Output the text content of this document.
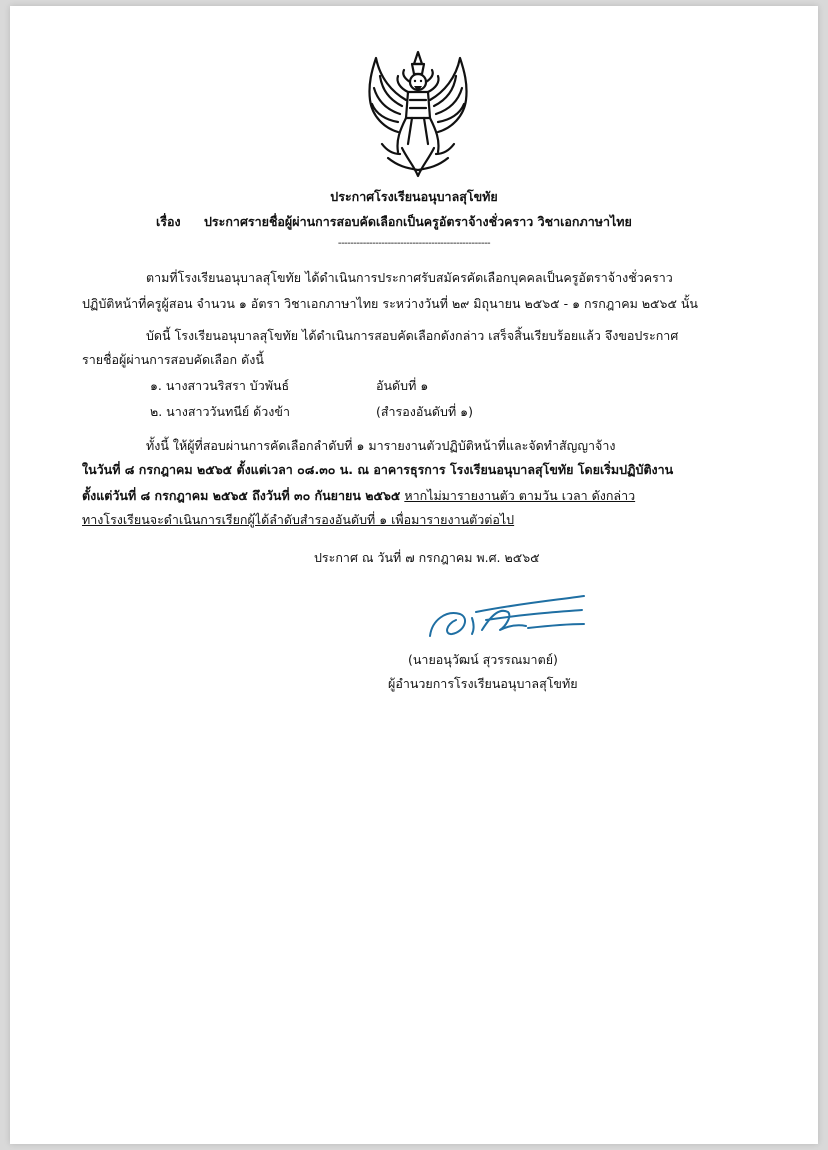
ประกาศโรงเรียนอนุบาลสุโขทัย
เรื่อง ประกาศรายชื่อผู้ผ่านการสอบคัดเลือกเป็นครูอัตราจ้างชั่วคราว วิชาเอกภาษาไทย
-------------------------------------------------
ตามที่โรงเรียนอนุบาลสุโขทัย ได้ดำเนินการประกาศรับสมัครคัดเลือกบุคคลเป็นครูอัตราจ้างชั่วคราว
ปฏิบัติหน้าที่ครูผู้สอน จำนวน ๑ อัตรา วิชาเอกภาษาไทย ระหว่างวันที่ ๒๙ มิถุนายน ๒๕๖๕ - ๑ กรกฎาคม ๒๕๖๕ นั้น
บัดนี้ โรงเรียนอนุบาลสุโขทัย ได้ดำเนินการสอบคัดเลือกดังกล่าว เสร็จสิ้นเรียบร้อยแล้ว จึงขอประกาศ
รายชื่อผู้ผ่านการสอบคัดเลือก ดังนี้
๑. นางสาวนริสรา บัวพันธ์	อันดับที่ ๑
๒. นางสาววันทนีย์ ด้วงข้า	(สำรองอันดับที่ ๑)
ทั้งนี้ ให้ผู้ที่สอบผ่านการคัดเลือกลำดับที่ ๑ มารายงานตัวปฏิบัติหน้าที่และจัดทำสัญญาจ้าง
ในวันที่ ๘ กรกฎาคม ๒๕๖๕ ตั้งแต่เวลา ๐๘.๓๐ น. ณ อาคารธุรการ โรงเรียนอนุบาลสุโขทัย โดยเริ่มปฏิบัติงาน
ตั้งแต่วันที่ ๘ กรกฎาคม ๒๕๖๕ ถึงวันที่ ๓๐ กันยายน ๒๕๖๕ หากไม่มารายงานตัว ตามวัน เวลา ดังกล่าว
ทางโรงเรียนจะดำเนินการเรียกผู้ได้ลำดับสำรองอันดับที่ ๑ เพื่อมารายงานตัวต่อไป
ประกาศ ณ วันที่ ๗ กรกฎาคม พ.ศ. ๒๕๖๕
(นายอนุวัฒน์ สุวรรณมาตย์)
ผู้อำนวยการโรงเรียนอนุบาลสุโขทัย
